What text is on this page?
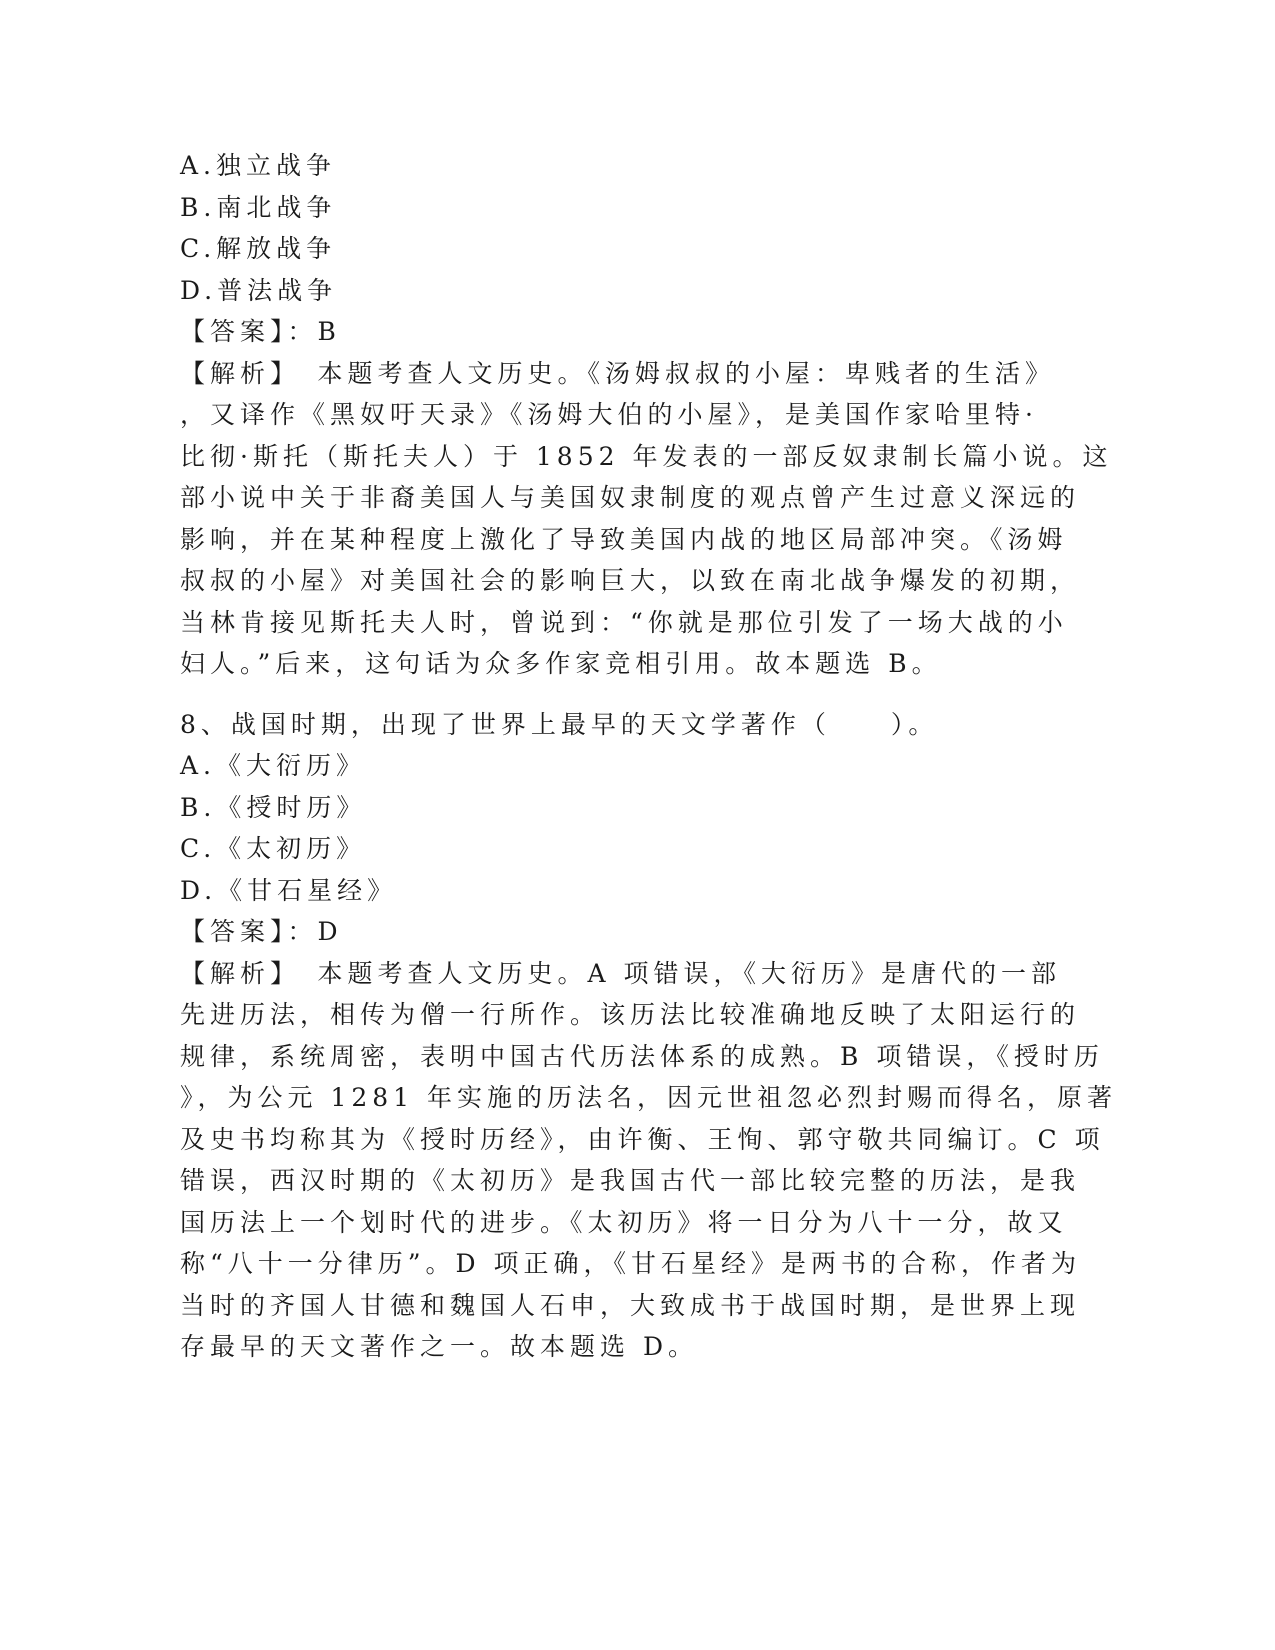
A.独立战争
B.南北战争
C.解放战争
D.普法战争
【答案】：B
【解析】　本题考查人文历史。《汤姆叔叔的小屋：卑贱者的生活》
，又译作《黑奴吁天录》《汤姆大伯的小屋》，是美国作家哈里特·
比彻·斯托（斯托夫人）于 1852 年发表的一部反奴隶制长篇小说。这
部小说中关于非裔美国人与美国奴隶制度的观点曾产生过意义深远的
影响，并在某种程度上激化了导致美国内战的地区局部冲突。《汤姆
叔叔的小屋》对美国社会的影响巨大，以致在南北战争爆发的初期，
当林肯接见斯托夫人时，曾说到：“你就是那位引发了一场大战的小
妇人。”后来，这句话为众多作家竞相引用。故本题选 B。
8、战国时期，出现了世界上最早的天文学著作（　　）。
A.《大衍历》
B.《授时历》
C.《太初历》
D.《甘石星经》
【答案】：D
【解析】　本题考查人文历史。A 项错误，《大衍历》是唐代的一部
先进历法，相传为僧一行所作。该历法比较准确地反映了太阳运行的
规律，系统周密，表明中国古代历法体系的成熟。B 项错误，《授时历
》，为公元 1281 年实施的历法名，因元世祖忽必烈封赐而得名，原著
及史书均称其为《授时历经》，由许衡、王恂、郭守敬共同编订。C 项
错误，西汉时期的《太初历》是我国古代一部比较完整的历法，是我
国历法上一个划时代的进步。《太初历》将一日分为八十一分，故又
称“八十一分律历”。D 项正确，《甘石星经》是两书的合称，作者为
当时的齐国人甘德和魏国人石申，大致成书于战国时期，是世界上现
存最早的天文著作之一。故本题选 D。
